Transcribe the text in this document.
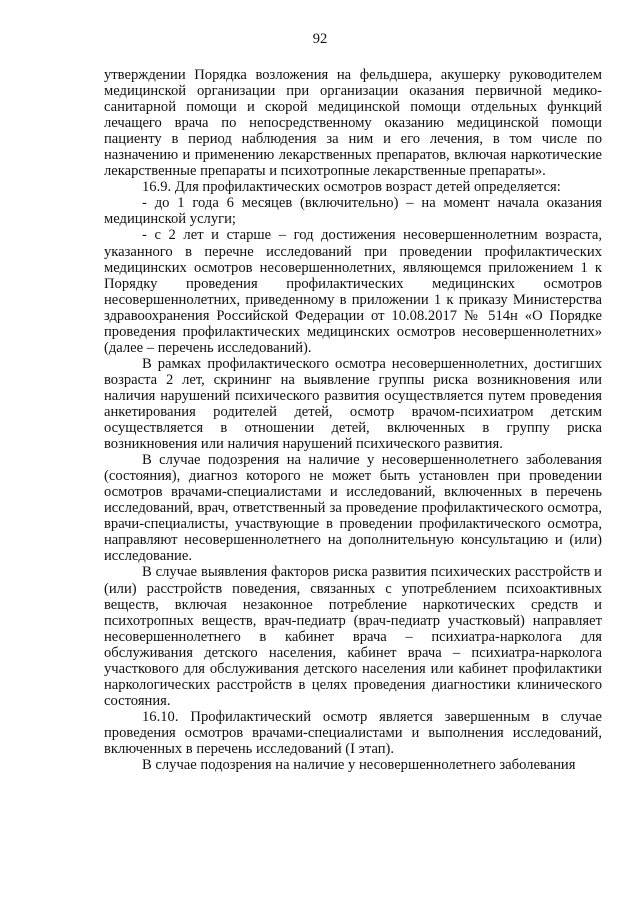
92

утверждении Порядка возложения на фельдшера, акушерку руководителем медицинской организации при организации оказания первичной медико-санитарной помощи и скорой медицинской помощи отдельных функций лечащего врача по непосредственному оказанию медицинской помощи пациенту в период наблюдения за ним и его лечения, в том числе по назначению и применению лекарственных препаратов, включая наркотические лекарственные препараты и психотропные лекарственные препараты».

16.9. Для профилактических осмотров возраст детей определяется:

- до 1 года 6 месяцев (включительно) – на момент начала оказания медицинской услуги;

- с 2 лет и старше – год достижения несовершеннолетним возраста, указанного в перечне исследований при проведении профилактических медицинских осмотров несовершеннолетних, являющемся приложением 1 к Порядку проведения профилактических медицинских осмотров несовершеннолетних, приведенному в приложении 1 к приказу Министерства здравоохранения Российской Федерации от 10.08.2017 № 514н «О Порядке проведения профилактических медицинских осмотров несовершеннолетних» (далее – перечень исследований).

В рамках профилактического осмотра несовершеннолетних, достигших возраста 2 лет, скрининг на выявление группы риска возникновения или наличия нарушений психического развития осуществляется путем проведения анкетирования родителей детей, осмотр врачом-психиатром детским осуществляется в отношении детей, включенных в группу риска возникновения или наличия нарушений психического развития.

В случае подозрения на наличие у несовершеннолетнего заболевания (состояния), диагноз которого не может быть установлен при проведении осмотров врачами-специалистами и исследований, включенных в перечень исследований, врач, ответственный за проведение профилактического осмотра, врачи-специалисты, участвующие в проведении профилактического осмотра, направляют несовершеннолетнего на дополнительную консультацию и (или) исследование.

В случае выявления факторов риска развития психических расстройств и (или) расстройств поведения, связанных с употреблением психоактивных веществ, включая незаконное потребление наркотических средств и психотропных веществ, врач-педиатр (врач-педиатр участковый) направляет несовершеннолетнего в кабинет врача – психиатра-нарколога для обслуживания детского населения, кабинет врача – психиатра-нарколога участкового для обслуживания детского населения или кабинет профилактики наркологических расстройств в целях проведения диагностики клинического состояния.

16.10. Профилактический осмотр является завершенным в случае проведения осмотров врачами-специалистами и выполнения исследований, включенных в перечень исследований (I этап).

В случае подозрения на наличие у несовершеннолетнего заболевания
